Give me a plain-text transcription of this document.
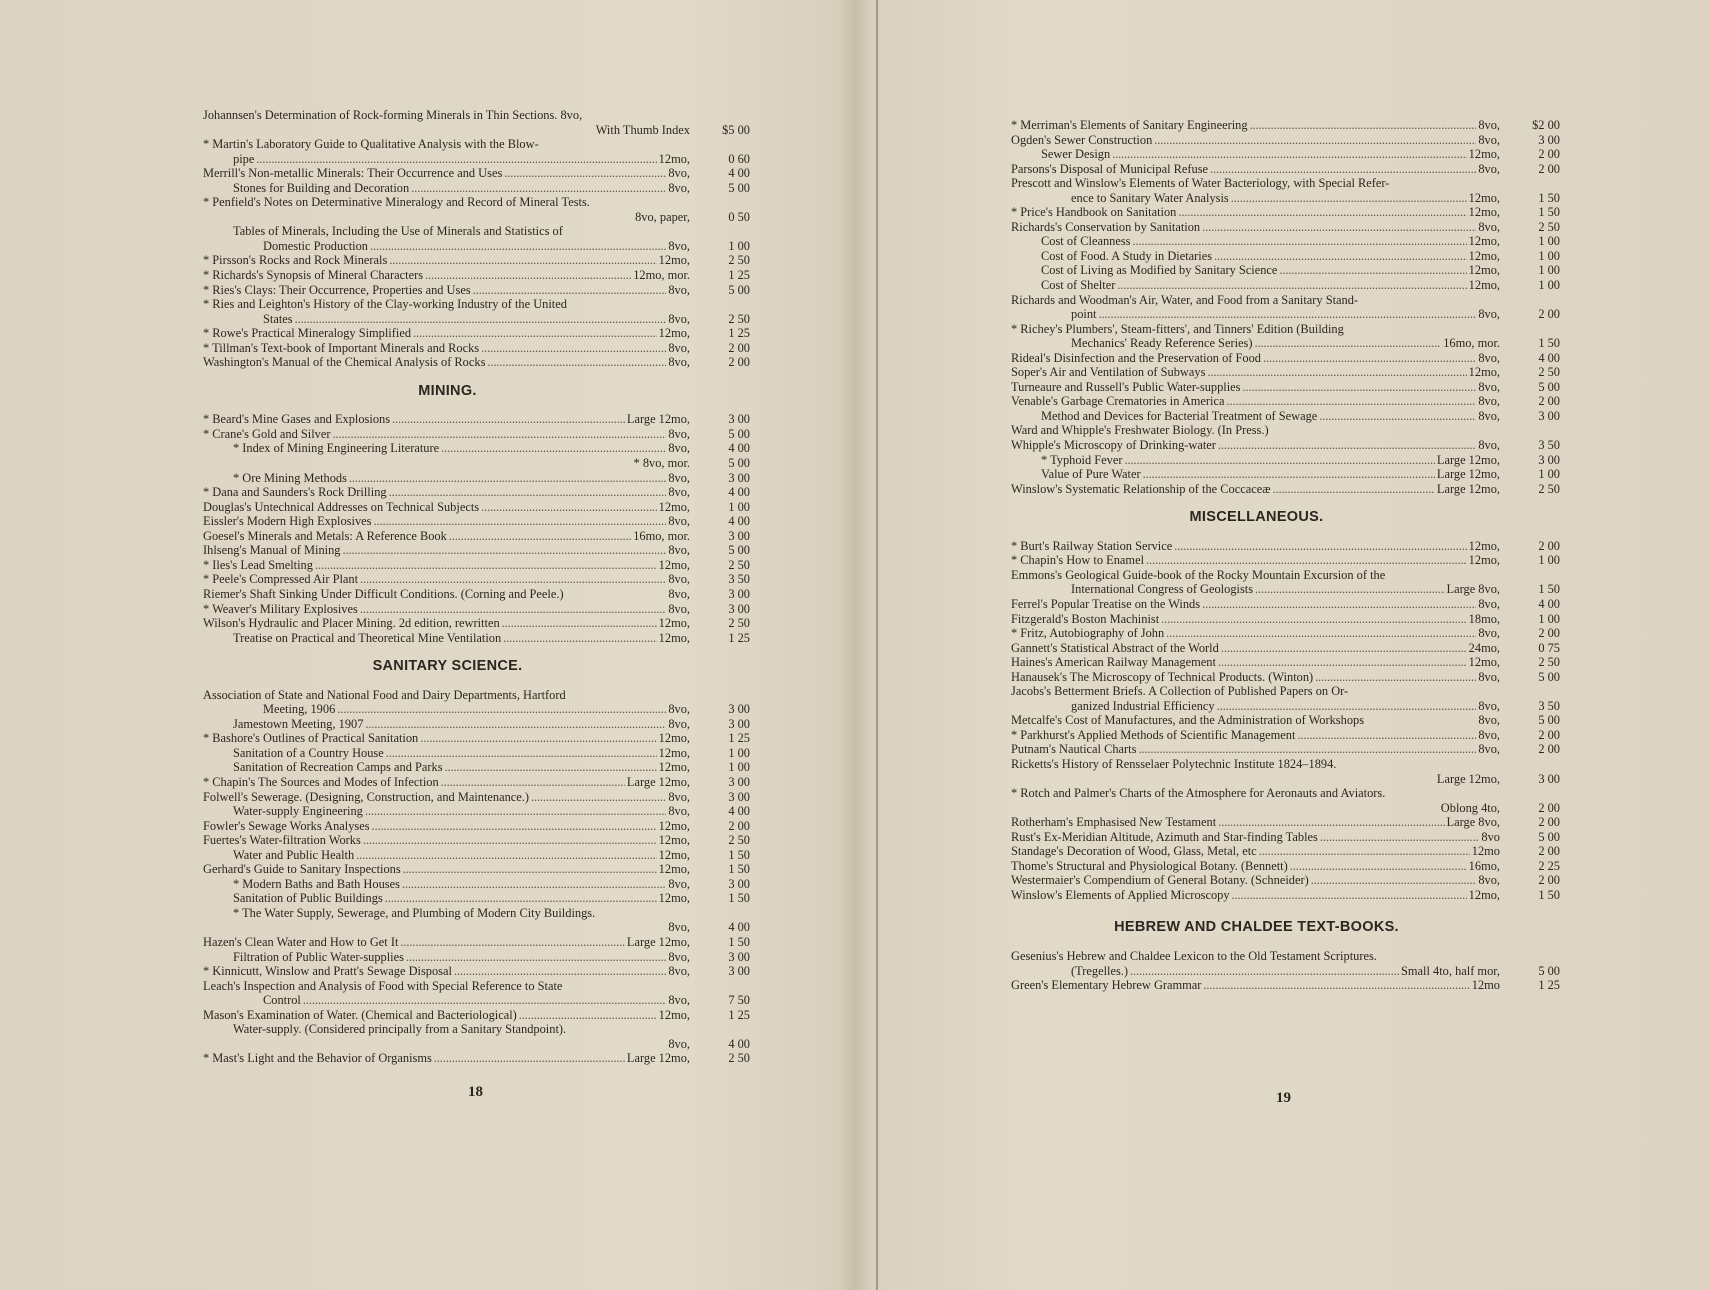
Johannsen's Determination of Rock-forming Minerals in Thin Sections. 8vo,
With Thumb Index	$5 00
* Martin's Laboratory Guide to Qualitative Analysis with the Blow-
pipe . . .	12mo,	0 60
Merrill's Non-metallic Minerals: Their Occurrence and Uses . . .	8vo,	4 00
Stones for Building and Decoration . . .	8vo,	5 00
* Penfield's Notes on Determinative Mineralogy and Record of Mineral Tests.
8vo, paper,	0 50
Tables of Minerals, Including the Use of Minerals and Statistics of
Domestic Production . . .	8vo,	1 00
* Pirsson's Rocks and Rock Minerals . . .	12mo,	2 50
* Richards's Synopsis of Mineral Characters . . .	12mo, mor.	1 25
* Ries's Clays: Their Occurrence, Properties and Uses . . .	8vo,	5 00
* Ries and Leighton's History of the Clay-working Industry of the United
States . . .	8vo,	2 50
* Rowe's Practical Mineralogy Simplified . . .	12mo,	1 25
* Tillman's Text-book of Important Minerals and Rocks . . .	8vo,	2 00
Washington's Manual of the Chemical Analysis of Rocks . . .	8vo,	2 00
MINING.
* Beard's Mine Gases and Explosions . . .	Large 12mo,	3 00
* Crane's Gold and Silver . . .	8vo,	5 00
* Index of Mining Engineering Literature . . .	8vo,	4 00
* 8vo, mor.	5 00
* Ore Mining Methods . . .	8vo,	3 00
* Dana and Saunders's Rock Drilling . . .	8vo,	4 00
Douglas's Untechnical Addresses on Technical Subjects . . .	12mo,	1 00
Eissler's Modern High Explosives . . .	8vo,	4 00
Goesel's Minerals and Metals: A Reference Book . . .	16mo, mor.	3 00
Ihlseng's Manual of Mining . . .	8vo,	5 00
* Iles's Lead Smelting . . .	12mo,	2 50
* Peele's Compressed Air Plant . . .	8vo,	3 50
Riemer's Shaft Sinking Under Difficult Conditions. (Corning and Peele.)	8vo,	3 00
* Weaver's Military Explosives . . .	8vo,	3 00
Wilson's Hydraulic and Placer Mining. 2d edition, rewritten . . .	12mo,	2 50
Treatise on Practical and Theoretical Mine Ventilation . . .	12mo,	1 25
SANITARY SCIENCE.
Association of State and National Food and Dairy Departments, Hartford
Meeting, 1906 . . .	8vo,	3 00
Jamestown Meeting, 1907 . . .	8vo,	3 00
* Bashore's Outlines of Practical Sanitation . . .	12mo,	1 25
Sanitation of a Country House . . .	12mo,	1 00
Sanitation of Recreation Camps and Parks . . .	12mo,	1 00
* Chapin's The Sources and Modes of Infection . . .	Large 12mo,	3 00
Folwell's Sewerage. (Designing, Construction, and Maintenance.) . . .	8vo,	3 00
Water-supply Engineering . . .	8vo,	4 00
Fowler's Sewage Works Analyses . . .	12mo,	2 00
Fuertes's Water-filtration Works . . .	12mo,	2 50
Water and Public Health . . .	12mo,	1 50
Gerhard's Guide to Sanitary Inspections . . .	12mo,	1 50
* Modern Baths and Bath Houses . . .	8vo,	3 00
Sanitation of Public Buildings . . .	12mo,	1 50
* The Water Supply, Sewerage, and Plumbing of Modern City Buildings.
8vo,	4 00
Hazen's Clean Water and How to Get It . . .	Large 12mo,	1 50
Filtration of Public Water-supplies . . .	8vo,	3 00
* Kinnicutt, Winslow and Pratt's Sewage Disposal . . .	8vo,	3 00
Leach's Inspection and Analysis of Food with Special Reference to State
Control . . .	8vo,	7 50
Mason's Examination of Water. (Chemical and Bacteriological) . . .	12mo,	1 25
Water-supply. (Considered principally from a Sanitary Standpoint).
8vo,	4 00
* Mast's Light and the Behavior of Organisms . . .	Large 12mo,	2 50
18
* Merriman's Elements of Sanitary Engineering . . .	8vo,	$2 00
Ogden's Sewer Construction . . .	8vo,	3 00
Sewer Design . . .	12mo,	2 00
Parsons's Disposal of Municipal Refuse . . .	8vo,	2 00
Prescott and Winslow's Elements of Water Bacteriology, with Special Refer-
ence to Sanitary Water Analysis . . .	12mo,	1 50
* Price's Handbook on Sanitation . . .	12mo,	1 50
Richards's Conservation by Sanitation . . .	8vo,	2 50
Cost of Cleanness . . .	12mo,	1 00
Cost of Food. A Study in Dietaries . . .	12mo,	1 00
Cost of Living as Modified by Sanitary Science . . .	12mo,	1 00
Cost of Shelter . . .	12mo,	1 00
Richards and Woodman's Air, Water, and Food from a Sanitary Stand-
point . . .	8vo,	2 00
* Richey's Plumbers', Steam-fitters', and Tinners' Edition (Building
Mechanics' Ready Reference Series) . . .	16mo, mor.	1 50
Rideal's Disinfection and the Preservation of Food . . .	8vo,	4 00
Soper's Air and Ventilation of Subways . . .	12mo,	2 50
Turneaure and Russell's Public Water-supplies . . .	8vo,	5 00
Venable's Garbage Crematories in America . . .	8vo,	2 00
Method and Devices for Bacterial Treatment of Sewage . . .	8vo,	3 00
Ward and Whipple's Freshwater Biology. (In Press.)
Whipple's Microscopy of Drinking-water . . .	8vo,	3 50
* Typhoid Fever . . .	Large 12mo,	3 00
Value of Pure Water . . .	Large 12mo,	1 00
Winslow's Systematic Relationship of the Coccaceæ . . .	Large 12mo,	2 50
MISCELLANEOUS.
* Burt's Railway Station Service . . .	12mo,	2 00
* Chapin's How to Enamel . . .	12mo,	1 00
Emmons's Geological Guide-book of the Rocky Mountain Excursion of the
International Congress of Geologists . . .	Large 8vo,	1 50
Ferrel's Popular Treatise on the Winds . . .	8vo,	4 00
Fitzgerald's Boston Machinist . . .	18mo,	1 00
* Fritz, Autobiography of John . . .	8vo,	2 00
Gannett's Statistical Abstract of the World . . .	24mo,	0 75
Haines's American Railway Management . . .	12mo,	2 50
Hanausek's The Microscopy of Technical Products. (Winton) . . .	8vo,	5 00
Jacobs's Betterment Briefs. A Collection of Published Papers on Or-
ganized Industrial Efficiency . . .	8vo,	3 50
Metcalfe's Cost of Manufactures, and the Administration of Workshops	8vo,	5 00
* Parkhurst's Applied Methods of Scientific Management . . .	8vo,	2 00
Putnam's Nautical Charts . . .	8vo,	2 00
Ricketts's History of Rensselaer Polytechnic Institute 1824–1894.
Large 12mo,	3 00
* Rotch and Palmer's Charts of the Atmosphere for Aeronauts and Aviators.
Oblong 4to,	2 00
Rotherham's Emphasised New Testament . . .	Large 8vo,	2 00
Rust's Ex-Meridian Altitude, Azimuth and Star-finding Tables . . .	8vo	5 00
Standage's Decoration of Wood, Glass, Metal, etc . . .	12mo	2 00
Thome's Structural and Physiological Botany. (Bennett) . . .	16mo,	2 25
Westermaier's Compendium of General Botany. (Schneider) . . .	8vo,	2 00
Winslow's Elements of Applied Microscopy . . .	12mo,	1 50
HEBREW AND CHALDEE TEXT-BOOKS.
Gesenius's Hebrew and Chaldee Lexicon to the Old Testament Scriptures.
(Tregelles.) . . .	Small 4to, half mor,	5 00
Green's Elementary Hebrew Grammar . . .	12mo	1 25
19
